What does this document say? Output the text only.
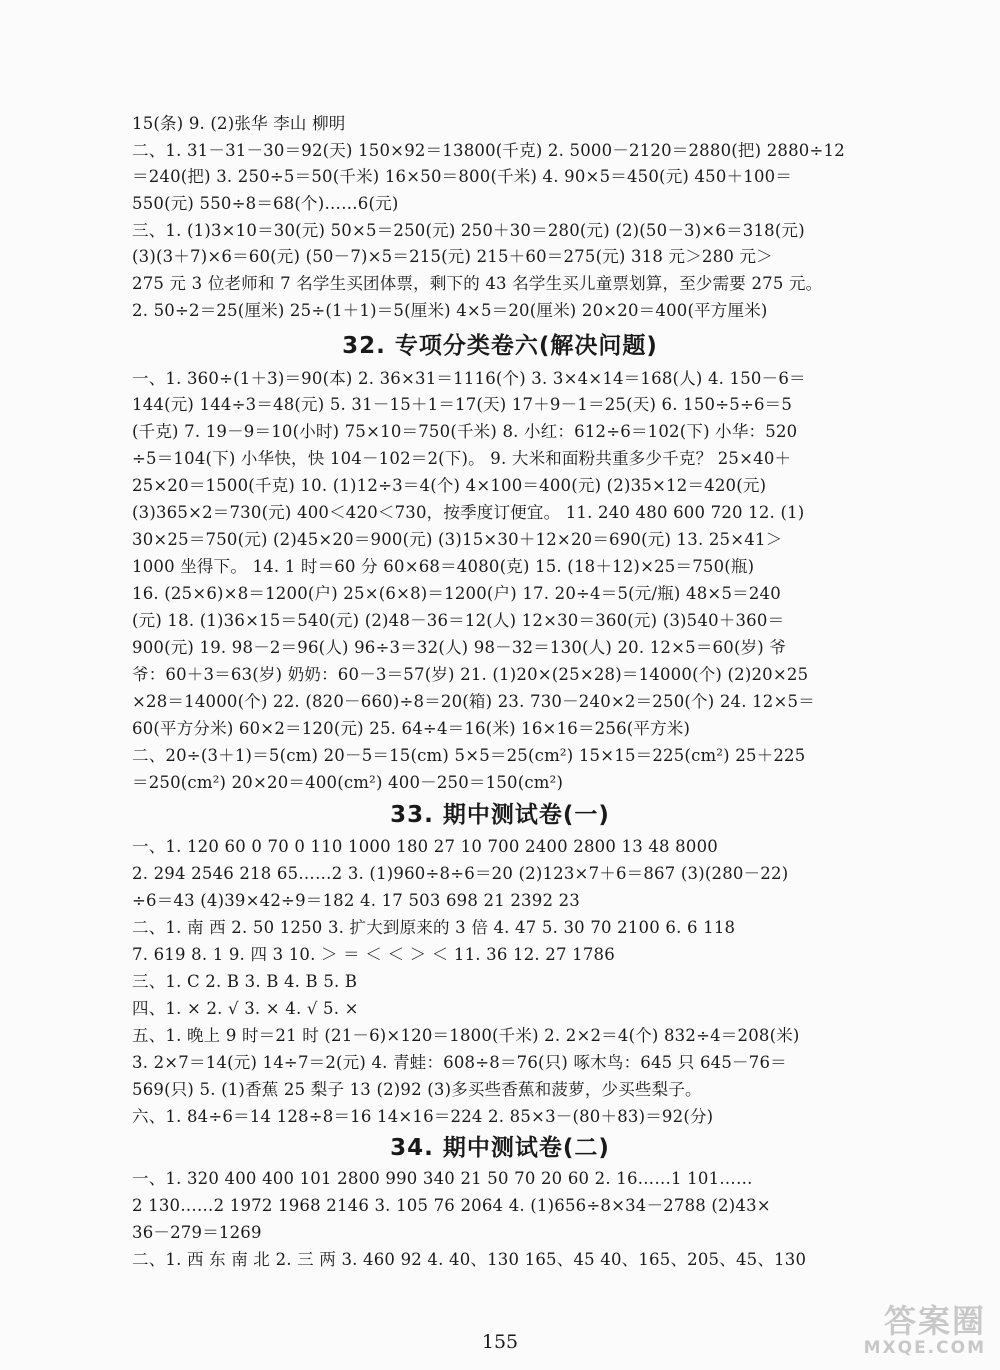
15(条) 9. (2)张华 李山 柳明
二、1. 31－31－30＝92(天) 150×92＝13800(千克) 2. 5000－2120＝2880(把) 2880÷12
＝240(把) 3. 250÷5＝50(千米) 16×50＝800(千米) 4. 90×5＝450(元) 450＋100＝
550(元) 550÷8＝68(个)……6(元)
三、1. (1)3×10＝30(元) 50×5＝250(元) 250＋30＝280(元) (2)(50－3)×6＝318(元)
(3)(3＋7)×6＝60(元) (50－7)×5＝215(元) 215＋60＝275(元) 318 元＞280 元＞
275 元 3 位老师和 7 名学生买团体票，剩下的 43 名学生买儿童票划算，至少需要 275 元。
2. 50÷2＝25(厘米) 25÷(1＋1)＝5(厘米) 4×5＝20(厘米) 20×20＝400(平方厘米)
32. 专项分类卷六(解决问题)
一、1. 360÷(1＋3)＝90(本) 2. 36×31＝1116(个) 3. 3×4×14＝168(人) 4. 150－6＝
144(元) 144÷3＝48(元) 5. 31－15＋1＝17(天) 17＋9－1＝25(天) 6. 150÷5÷6＝5
(千克) 7. 19－9＝10(小时) 75×10＝750(千米) 8. 小红：612÷6＝102(下) 小华：520
÷5＝104(下) 小华快，快 104－102＝2(下)。 9. 大米和面粉共重多少千克？ 25×40＋
25×20＝1500(千克) 10. (1)12÷3＝4(个) 4×100＝400(元) (2)35×12＝420(元)
(3)365×2＝730(元) 400＜420＜730，按季度订便宜。 11. 240 480 600 720 12. (1)
30×25＝750(元) (2)45×20＝900(元) (3)15×30＋12×20＝690(元) 13. 25×41＞
1000 坐得下。 14. 1 时＝60 分 60×68＝4080(克) 15. (18＋12)×25＝750(瓶)
16. (25×6)×8＝1200(户) 25×(6×8)＝1200(户) 17. 20÷4＝5(元/瓶) 48×5＝240
(元) 18. (1)36×15＝540(元) (2)48－36＝12(人) 12×30＝360(元) (3)540＋360＝
900(元) 19. 98－2＝96(人) 96÷3＝32(人) 98－32＝130(人) 20. 12×5＝60(岁) 爷
爷：60＋3＝63(岁) 奶奶：60－3＝57(岁) 21. (1)20×(25×28)＝14000(个) (2)20×25
×28＝14000(个) 22. (820－660)÷8＝20(箱) 23. 730－240×2＝250(个) 24. 12×5＝
60(平方分米) 60×2＝120(元) 25. 64÷4＝16(米) 16×16＝256(平方米)
二、20÷(3＋1)＝5(cm) 20－5＝15(cm) 5×5＝25(cm²) 15×15＝225(cm²) 25＋225
＝250(cm²) 20×20＝400(cm²) 400－250＝150(cm²)
33. 期中测试卷(一)
一、1. 120 60 0 70 0 110 1000 180 27 10 700 2400 2800 13 48 8000
2. 294 2546 218 65……2 3. (1)960÷8÷6＝20 (2)123×7＋6＝867 (3)(280－22)
÷6＝43 (4)39×42÷9＝182 4. 17 503 698 21 2392 23
二、1. 南 西 2. 50 1250 3. 扩大到原来的 3 倍 4. 47 5. 30 70 2100 6. 6 118
7. 619 8. 1 9. 四 3 10. ＞ ＝ ＜ ＜ ＞ ＜ 11. 36 12. 27 1786
三、1. C 2. B 3. B 4. B 5. B
四、1. × 2. √ 3. × 4. √ 5. ×
五、1. 晚上 9 时＝21 时 (21－6)×120＝1800(千米) 2. 2×2＝4(个) 832÷4＝208(米)
3. 2×7＝14(元) 14÷7＝2(元) 4. 青蛙：608÷8＝76(只) 啄木鸟：645 只 645－76＝
569(只) 5. (1)香蕉 25 梨子 13 (2)92 (3)多买些香蕉和菠萝，少买些梨子。
六、1. 84÷6＝14 128÷8＝16 14×16＝224 2. 85×3－(80＋83)＝92(分)
34. 期中测试卷(二)
一、1. 320 400 400 101 2800 990 340 21 50 70 20 60 2. 16……1 101……
2 130……2 1972 1968 2146 3. 105 76 2064 4. (1)656÷8×34－2788 (2)43×
36－279＝1269
二、1. 西 东 南 北 2. 三 两 3. 460 92 4. 40、130 165、45 40、165、205、45、130
155
答案圈
MXQE.COM
